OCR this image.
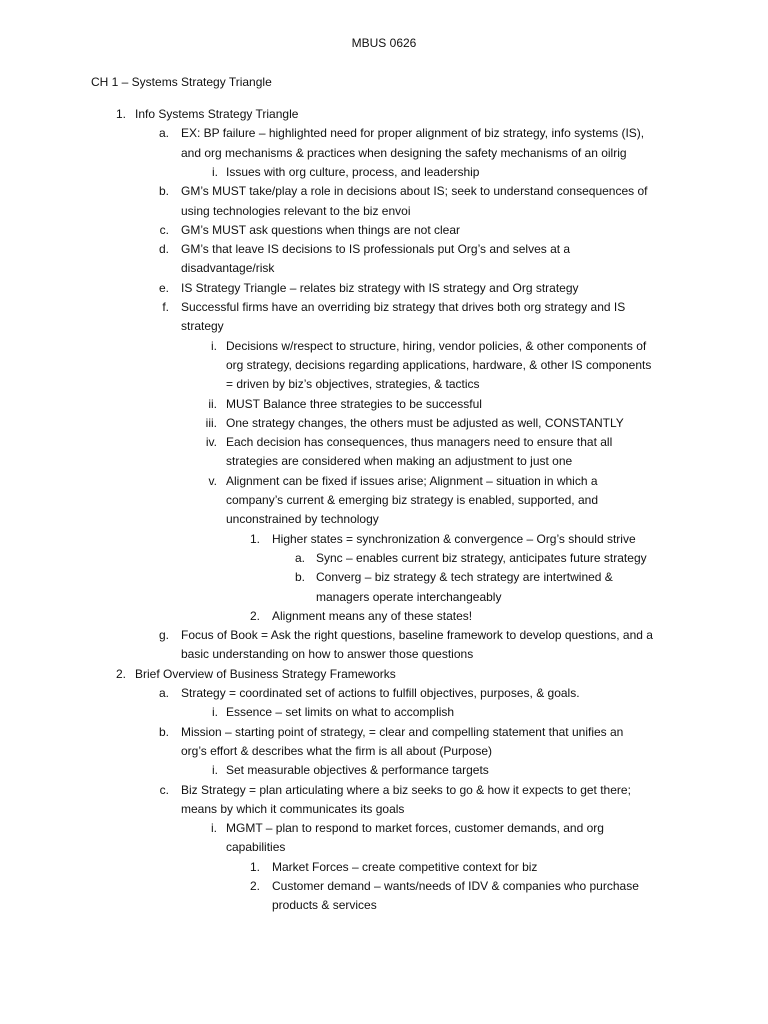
MBUS 0626
CH 1 – Systems Strategy Triangle
1. Info Systems Strategy Triangle
a. EX: BP failure – highlighted need for proper alignment of biz strategy, info systems (IS),
and org mechanisms & practices when designing the safety mechanisms of an oilrig
i. Issues with org culture, process, and leadership
b. GM’s MUST take/play a role in decisions about IS; seek to understand consequences of
using technologies relevant to the biz envoi
c. GM’s MUST ask questions when things are not clear
d. GM’s that leave IS decisions to IS professionals put Org’s and selves at a
disadvantage/risk
e. IS Strategy Triangle – relates biz strategy with IS strategy and Org strategy
f. Successful firms have an overriding biz strategy that drives both org strategy and IS
strategy
i. Decisions w/respect to structure, hiring, vendor policies, & other components of
org strategy, decisions regarding applications, hardware, & other IS components
= driven by biz’s objectives, strategies, & tactics
ii. MUST Balance three strategies to be successful
iii. One strategy changes, the others must be adjusted as well, CONSTANTLY
iv. Each decision has consequences, thus managers need to ensure that all
strategies are considered when making an adjustment to just one
v. Alignment can be fixed if issues arise; Alignment – situation in which a
company’s current & emerging biz strategy is enabled, supported, and
unconstrained by technology
1. Higher states = synchronization & convergence – Org’s should strive
a. Sync – enables current biz strategy, anticipates future strategy
b. Converg – biz strategy & tech strategy are intertwined &
managers operate interchangeably
2. Alignment means any of these states!
g. Focus of Book = Ask the right questions, baseline framework to develop questions, and a
basic understanding on how to answer those questions
2. Brief Overview of Business Strategy Frameworks
a. Strategy = coordinated set of actions to fulfill objectives, purposes, & goals.
i. Essence – set limits on what to accomplish
b. Mission – starting point of strategy, = clear and compelling statement that unifies an
org’s effort & describes what the firm is all about (Purpose)
i. Set measurable objectives & performance targets
c. Biz Strategy = plan articulating where a biz seeks to go & how it expects to get there;
means by which it communicates its goals
i. MGMT – plan to respond to market forces, customer demands, and org
capabilities
1. Market Forces – create competitive context for biz
2. Customer demand – wants/needs of IDV & companies who purchase
products & services
